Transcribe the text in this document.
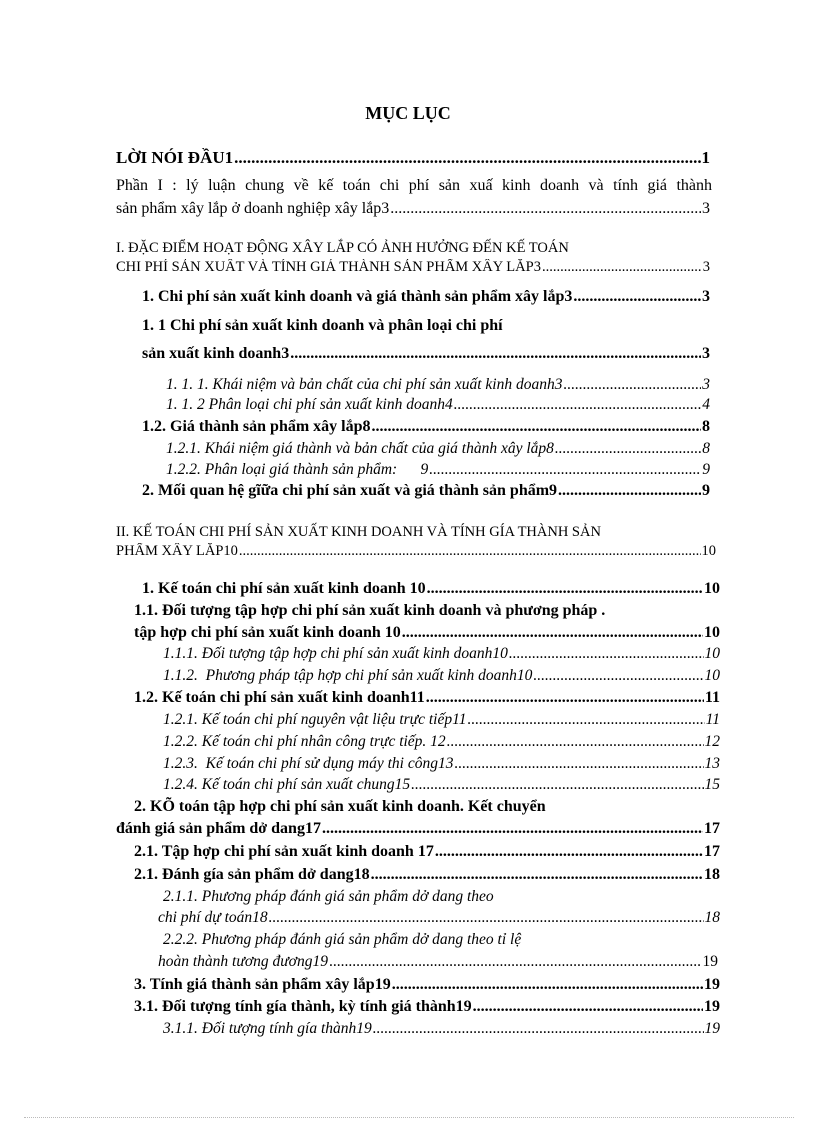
MỤC LỤC
LỜI NÓI ĐẦU1 .....	1
Phần I : lý luận chung về kế toán chi phí sản xuấ kinh doanh và tính giá thành
sản phẩm xây lắp ở doanh nghiệp xây lắp3 .....	3
I. ĐẶC ĐIỂM HOẠT ĐỘNG XÂY LẮP CÓ ẢNH HƯỞNG ĐẾN KẾ TOÁN
CHI PHÍ SẢN XUẤT VÀ TÍNH GIÁ THÀNH SẢN PHẨM XÂY LẮP3 .....	3
1. Chi phí sản xuất kinh doanh và giá thành sản phẩm xây lắp3 .....	3
1. 1 Chi phí sản xuất kinh doanh và phân loại chi phí
sản xuất kinh doanh3 .....	3
1. 1. 1. Khái niệm và bản chất của chi phí sản xuất kinh doanh3 .....	3
1. 1. 2 Phân loại chi phí sản xuất kinh doanh4 .....	4
1.2. Giá thành sản phẩm xây lắp8 .....	8
1.2.1. Khái niệm giá thành và bản chất của giá thành xây lắp8 .....	8
1.2.2. Phân loại giá thành sản phẩm:      9 .....	9
2. Mối quan hệ gĩữa chi phí sản xuất và giá thành sản phẩm9 .....	9
II. KẾ TOÁN CHI PHÍ SẢN XUẤT KINH DOANH VÀ TÍNH GÍA THÀNH SẢN
PHẨM XÂY LẮP10 .....	10
1. Kế toán chi phí sản xuất kinh doanh 10 .....	10
1.1. Đối tượng tập hợp chi phí sản xuất kinh doanh và phương pháp .
tập hợp chi phí sản xuất kinh doanh 10 .....	10
1.1.1. Đối tượng tập hợp chi phí sản xuất kinh doanh10 .....	10
1.1.2.  Phương pháp tập hợp chi phí sản xuất kinh doanh10 .....	10
1.2. Kế toán chi phí sản xuất kinh doanh11 .....	11
1.2.1. Kế toán chi phí nguyên vật liệu trực tiếp11 .....	11
1.2.2. Kế toán chi phí nhân công trực tiếp. 12 .....	12
1.2.3.  Kế toán chi phí sử dụng máy thi công13 .....	13
1.2.4. Kế toán chi phí sản xuất chung15 .....	15
2. KÕ toán tập hợp chi phí sản xuất kinh doanh. Kết chuyển
đánh giá sản phẩm dở dang17 .....	17
2.1. Tập hợp chi phí sản xuất kinh doanh 17 .....	17
2.1. Đánh gía sản phẩm dở dang18 .....	18
2.1.1. Phương pháp đánh giá sản phẩm dở dang theo
chi phí dự toán18 .....	18
2.2.2. Phương pháp đánh giá sản phẩm dở dang theo tỉ lệ
hoàn thành tương đương19 .....	19
3. Tính giá thành sản phẩm xây lắp19 .....	19
3.1. Đối tượng tính gía thành, kỳ tính giá thành19 .....	19
3.1.1. Đối tượng tính gía thành19 .....	19
